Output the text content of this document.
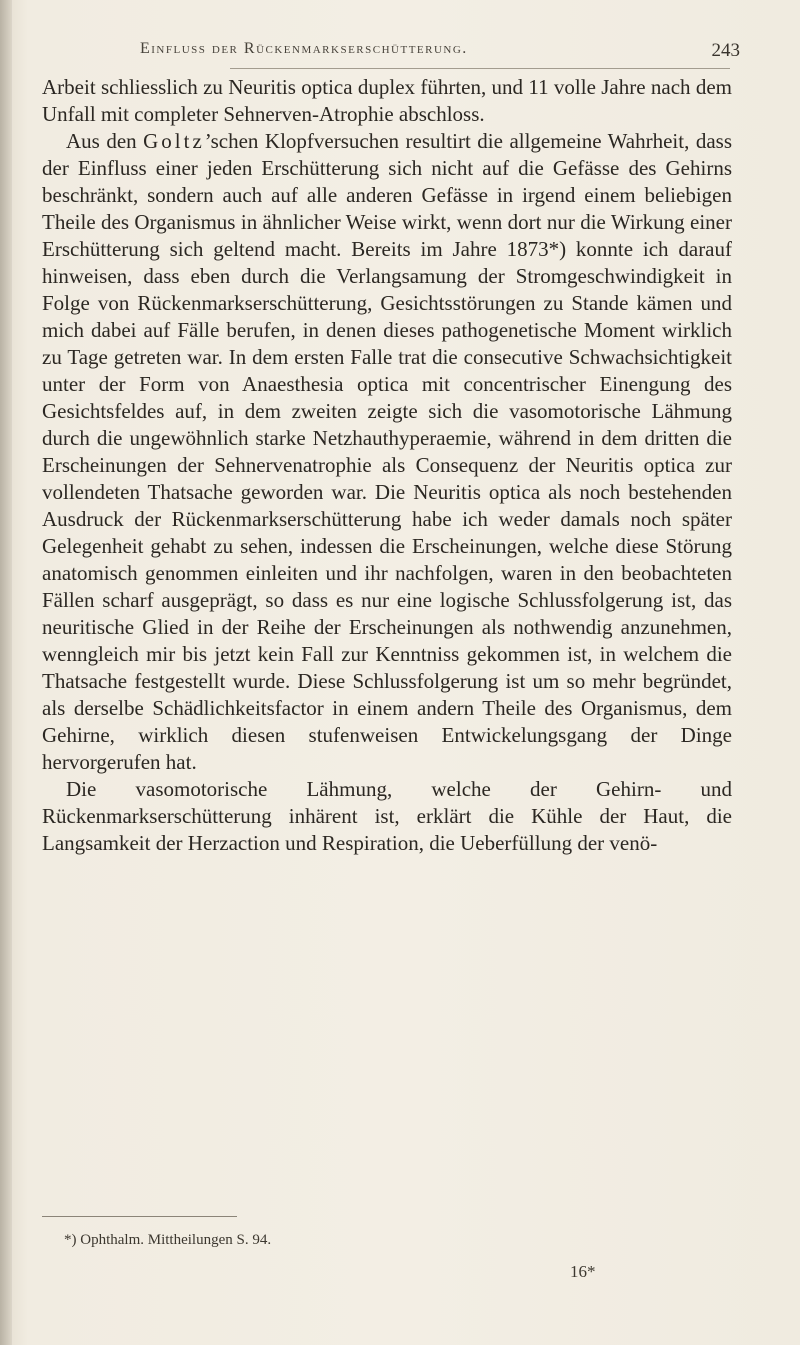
Einfluss der Rückenmarkserschütterung.	243

Arbeit schliesslich zu Neuritis optica duplex führten, und 11 volle Jahre nach dem Unfall mit completer Sehnerven-Atrophie abschloss.

Aus den Goltz’schen Klopfversuchen resultirt die allgemeine Wahrheit, dass der Einfluss einer jeden Erschütterung sich nicht auf die Gefässe des Gehirns beschränkt, sondern auch auf alle anderen Gefässe in irgend einem beliebigen Theile des Organismus in ähnlicher Weise wirkt, wenn dort nur die Wirkung einer Erschütterung sich geltend macht. Bereits im Jahre 1873*) konnte ich darauf hinweisen, dass eben durch die Verlangsamung der Stromgeschwindigkeit in Folge von Rückenmarkserschütterung, Gesichtsstörungen zu Stande kämen und mich dabei auf Fälle berufen, in denen dieses pathogenetische Moment wirklich zu Tage getreten war. In dem ersten Falle trat die consecutive Schwachsichtigkeit unter der Form von Anaesthesia optica mit concentrischer Einengung des Gesichtsfeldes auf, in dem zweiten zeigte sich die vasomotorische Lähmung durch die ungewöhnlich starke Netzhauthyperaemie, während in dem dritten die Erscheinungen der Sehnervenatrophie als Consequenz der Neuritis optica zur vollendeten Thatsache geworden war. Die Neuritis optica als noch bestehenden Ausdruck der Rückenmarkserschütterung habe ich weder damals noch später Gelegenheit gehabt zu sehen, indessen die Erscheinungen, welche diese Störung anatomisch genommen einleiten und ihr nachfolgen, waren in den beobachteten Fällen scharf ausgeprägt, so dass es nur eine logische Schlussfolgerung ist, das neuritische Glied in der Reihe der Erscheinungen als nothwendig anzunehmen, wenngleich mir bis jetzt kein Fall zur Kenntniss gekommen ist, in welchem die Thatsache festgestellt wurde. Diese Schlussfolgerung ist um so mehr begründet, als derselbe Schädlichkeitsfactor in einem andern Theile des Organismus, dem Gehirne, wirklich diesen stufenweisen Entwickelungsgang der Dinge hervorgerufen hat.

Die vasomotorische Lähmung, welche der Gehirn- und Rückenmarkserschütterung inhärent ist, erklärt die Kühle der Haut, die Langsamkeit der Herzaction und Respiration, die Ueberfüllung der venö-

*) Ophthalm. Mittheilungen S. 94.

16*
